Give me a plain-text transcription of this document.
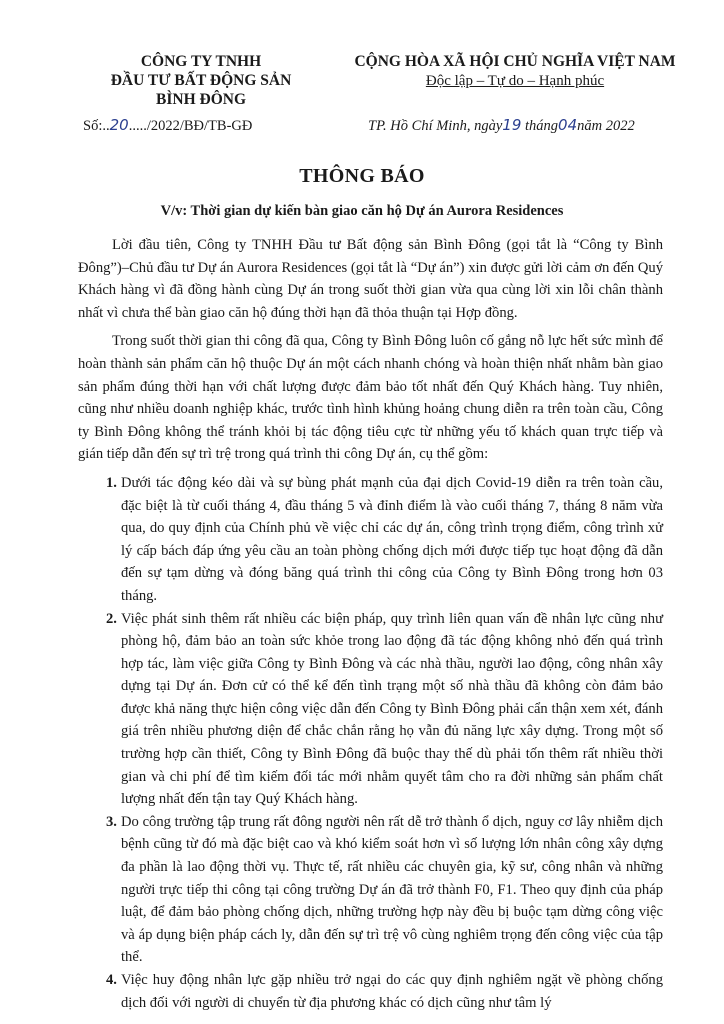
CÔNG TY TNHH
ĐẦU TƯ BẤT ĐỘNG SẢN
BÌNH ĐÔNG
CỘNG HÒA XÃ HỘI CHỦ NGHĨA VIỆT NAM
Độc lập – Tự do – Hạnh phúc
Số:..20...../2022/BĐ/TB-GĐ	TP. Hồ Chí Minh, ngày19 tháng04năm 2022
THÔNG BÁO
V/v: Thời gian dự kiến bàn giao căn hộ Dự án Aurora Residences

Lời đầu tiên, Công ty TNHH Đầu tư Bất động sản Bình Đông (gọi tắt là “Công ty Bình Đông”)–Chủ đầu tư Dự án Aurora Residences (gọi tắt là “Dự án”) xin được gửi lời cảm ơn đến Quý Khách hàng vì đã đồng hành cùng Dự án trong suốt thời gian vừa qua cùng lời xin lỗi chân thành nhất vì chưa thể bàn giao căn hộ đúng thời hạn đã thỏa thuận tại Hợp đồng.

Trong suốt thời gian thi công đã qua, Công ty Bình Đông luôn cố gắng nỗ lực hết sức mình để hoàn thành sản phẩm căn hộ thuộc Dự án một cách nhanh chóng và hoàn thiện nhất nhằm bàn giao sản phẩm đúng thời hạn với chất lượng được đảm bảo tốt nhất đến Quý Khách hàng. Tuy nhiên, cũng như nhiều doanh nghiệp khác, trước tình hình khủng hoảng chung diễn ra trên toàn cầu, Công ty Bình Đông không thể tránh khỏi bị tác động tiêu cực từ những yếu tố khách quan trực tiếp và gián tiếp dẫn đến sự trì trệ trong quá trình thi công Dự án, cụ thể gồm:

1. Dưới tác động kéo dài và sự bùng phát mạnh của đại dịch Covid-19 diễn ra trên toàn cầu, đặc biệt là từ cuối tháng 4, đầu tháng 5 và đỉnh điểm là vào cuối tháng 7, tháng 8 năm vừa qua, do quy định của Chính phủ về việc chỉ các dự án, công trình trọng điểm, công trình xử lý cấp bách đáp ứng yêu cầu an toàn phòng chống dịch mới được tiếp tục hoạt động đã dẫn đến sự tạm dừng và đóng băng quá trình thi công của Công ty Bình Đông trong hơn 03 tháng.
2. Việc phát sinh thêm rất nhiều các biện pháp, quy trình liên quan vấn đề nhân lực cũng như phòng hộ, đảm bảo an toàn sức khỏe trong lao động đã tác động không nhỏ đến quá trình hợp tác, làm việc giữa Công ty Bình Đông và các nhà thầu, người lao động, công nhân xây dựng tại Dự án. Đơn cử có thể kể đến tình trạng một số nhà thầu đã không còn đảm bảo được khả năng thực hiện công việc dẫn đến Công ty Bình Đông phải cẩn thận xem xét, đánh giá trên nhiều phương diện để chắc chắn rằng họ vẫn đủ năng lực xây dựng. Trong một số trường hợp cần thiết, Công ty Bình Đông đã buộc thay thế dù phải tốn thêm rất nhiều thời gian và chi phí để tìm kiếm đối tác mới nhằm quyết tâm cho ra đời những sản phẩm chất lượng nhất đến tận tay Quý Khách hàng.
3. Do công trường tập trung rất đông người nên rất dễ trở thành ổ dịch, nguy cơ lây nhiễm dịch bệnh cũng từ đó mà đặc biệt cao và khó kiểm soát hơn vì số lượng lớn nhân công xây dựng đa phần là lao động thời vụ. Thực tế, rất nhiều các chuyên gia, kỹ sư, công nhân và những người trực tiếp thi công tại công trường Dự án đã trở thành F0, F1. Theo quy định của pháp luật, để đảm bảo phòng chống dịch, những trường hợp này đều bị buộc tạm dừng công việc và áp dụng biện pháp cách ly, dẫn đến sự trì trệ vô cùng nghiêm trọng đến công việc của tập thể.
4. Việc huy động nhân lực gặp nhiều trở ngại do các quy định nghiêm ngặt về phòng chống dịch đối với người di chuyển từ địa phương khác có dịch cũng như tâm lý
